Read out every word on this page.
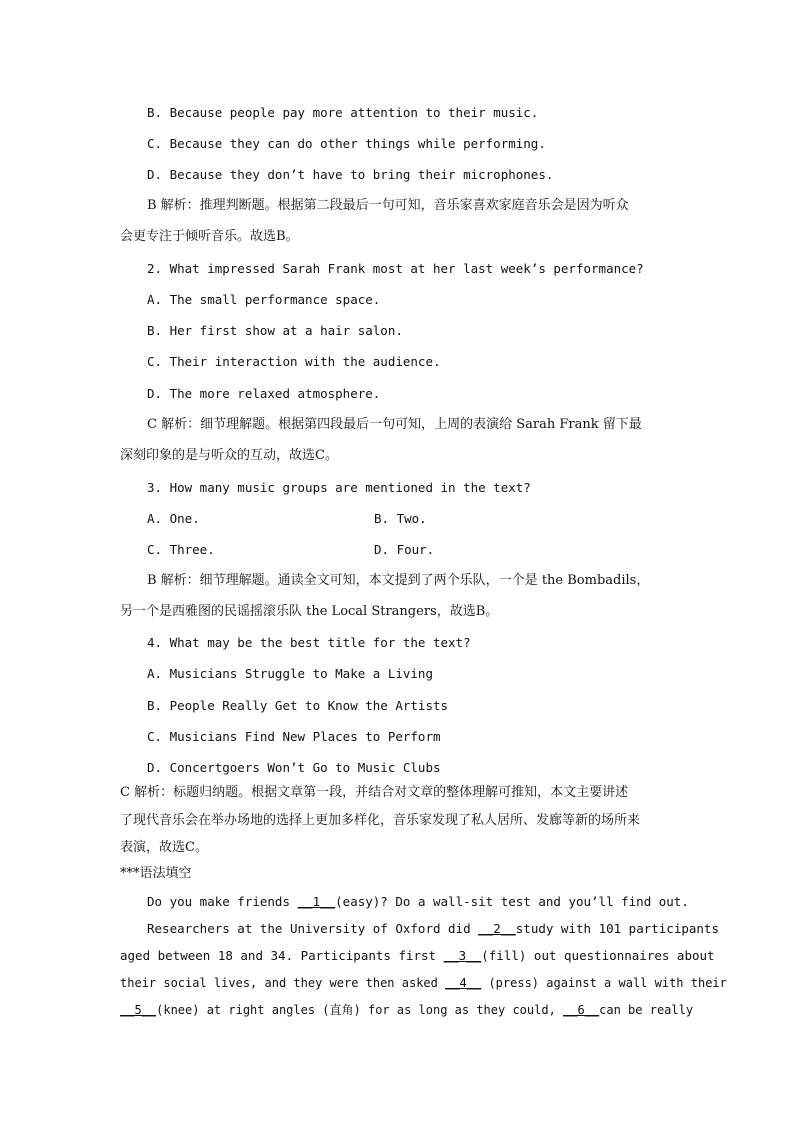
B. Because people pay more attention to their music.

C. Because they can do other things while performing.

D. Because they don’t have to bring their microphones.

B 解析：推理判断题。根据第二段最后一句可知，音乐家喜欢家庭音乐会是因为听众

会更专注于倾听音乐。故选B。

2. What impressed Sarah Frank most at her last week’s performance?

A. The small performance space.

B. Her first show at a hair salon.

C. Their interaction with the audience.

D. The more relaxed atmosphere.

C 解析：细节理解题。根据第四段最后一句可知，上周的表演给 Sarah Frank 留下最

深刻印象的是与听众的互动，故选C。

3. How many music groups are mentioned in the text?

A. One.	B. Two.
C. Three.	D. Four.

B 解析：细节理解题。通读全文可知，本文提到了两个乐队，一个是 the Bombadils，

另一个是西雅图的民谣摇滚乐队 the Local Strangers，故选B。

4. What may be the best title for the text?

A. Musicians Struggle to Make a Living

B. People Really Get to Know the Artists

C. Musicians Find New Places to Perform

D. Concertgoers Won’t Go to Music Clubs

C 解析：标题归纳题。根据文章第一段，并结合对文章的整体理解可推知，本文主要讲述

了现代音乐会在举办场地的选择上更加多样化，音乐家发现了私人居所、发廊等新的场所来

表演，故选C。

***语法填空

Do you make friends __1__(easy)? Do a wall-sit test and you’ll find out.

Researchers at the University of Oxford did __2__study with 101 participants

aged between 18 and 34. Participants first __3__(fill) out questionnaires about

their social lives, and they were then asked __4__ (press) against a wall with their

__5__(knee) at right angles (直角) for as long as they could, __6__can be really
